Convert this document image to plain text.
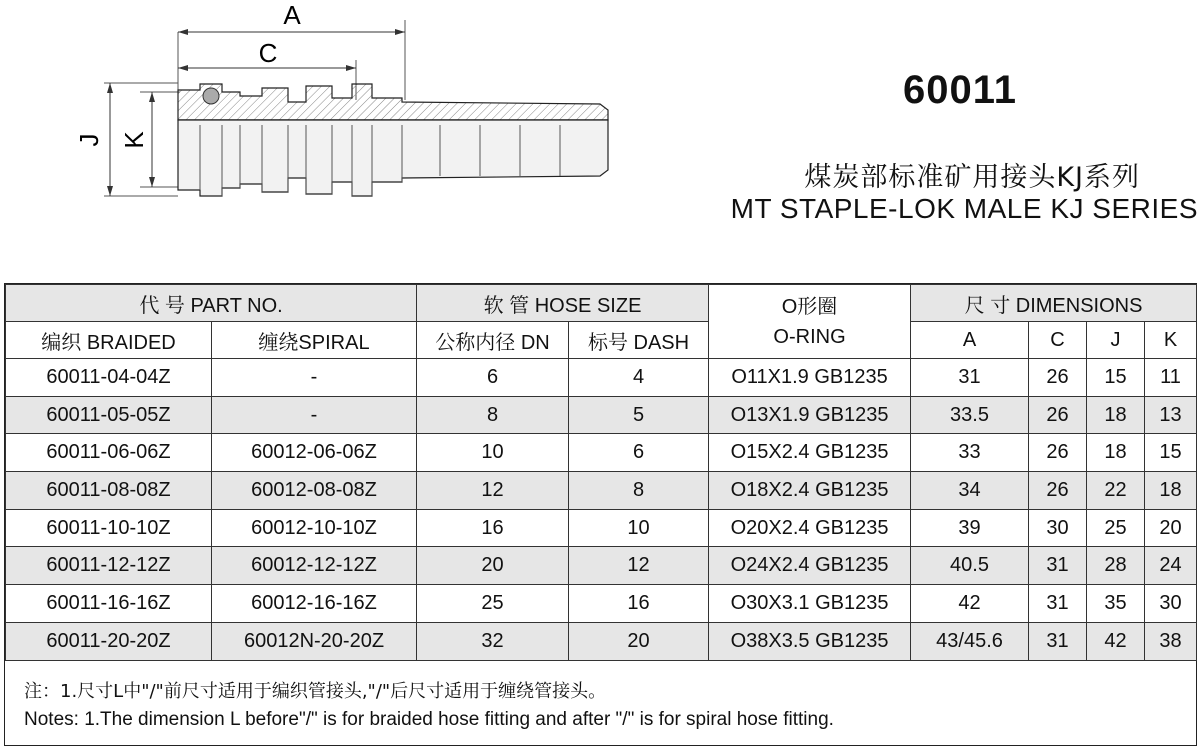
A
C
J K
60011
煤炭部标准矿用接头KJ系列
MT STAPLE-LOK MALE KJ SERIES
代 号 PART NO.		软 管 HOSE SIZE		O形圈
O-RING	尺 寸 DIMENSIONS			
编织 BRAIDED	缠绕SPIRAL	公称内径 DN	标号 DASH		A	C	J	K
60011-04-04Z	-	6	4	O11X1.9 GB1235	31	26	15	11
60011-05-05Z	-	8	5	O13X1.9 GB1235	33.5	26	18	13
60011-06-06Z	60012-06-06Z	10	6	O15X2.4 GB1235	33	26	18	15
60011-08-08Z	60012-08-08Z	12	8	O18X2.4 GB1235	34	26	22	18
60011-10-10Z	60012-10-10Z	16	10	O20X2.4 GB1235	39	30	25	20
60011-12-12Z	60012-12-12Z	20	12	O24X2.4 GB1235	40.5	31	28	24
60011-16-16Z	60012-16-16Z	25	16	O30X3.1 GB1235	42	31	35	30
60011-20-20Z	60012N-20-20Z	32	20	O38X3.5 GB1235	43/45.6	31	42	38
注：1.尺寸L中"/"前尺寸适用于编织管接头,"/"后尺寸适用于缠绕管接头。
Notes: 1.The dimension L before"/" is for braided hose fitting and after "/" is for spiral hose fitting.
